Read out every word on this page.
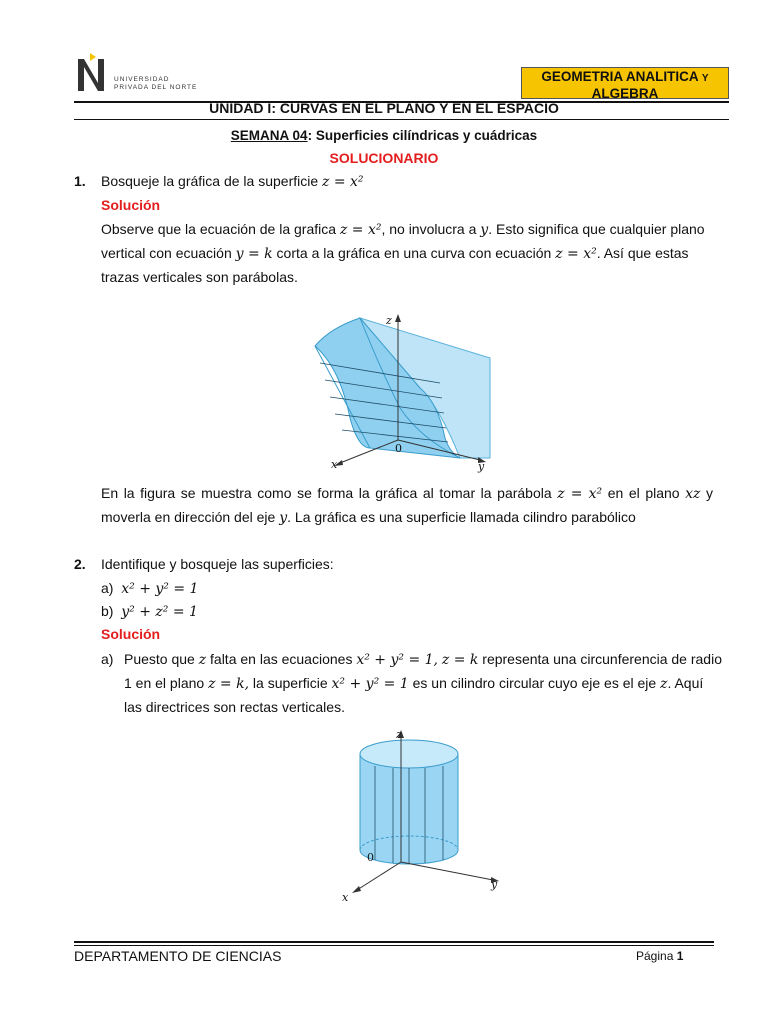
UNIVERSIDAD
PRIVADA DEL NORTE
GEOMETRIA ANALITICA Y
ALGEBRA
UNIDAD I: CURVAS EN EL PLANO Y EN EL ESPACIO
SEMANA 04: Superficies cilíndricas y cuádricas
SOLUCIONARIO
1. Bosqueje la gráfica de la superficie z = x²
Solución
Observe que la ecuación de la grafica z = x², no involucra a y. Esto significa que cualquier plano
vertical con ecuación y = k corta a la gráfica en una curva con ecuación z = x². Así que estas
trazas verticales son parábolas.
z
x	y
0
En la figura se muestra como se forma la gráfica al tomar la parábola z = x² en el plano xz y
moverla en dirección del eje y. La gráfica es una superficie llamada cilindro parabólico
2. Identifique y bosqueje las superficies:
a) x² + y² = 1
b) y² + z² = 1
Solución
a) Puesto que z falta en las ecuaciones x² + y² = 1, z = k representa una circunferencia de radio
1 en el plano z = k, la superficie x² + y² = 1 es un cilindro circular cuyo eje es el eje z. Aquí
las directrices son rectas verticales.
z
x
y
0
DEPARTAMENTO DE CIENCIAS	Página 1
